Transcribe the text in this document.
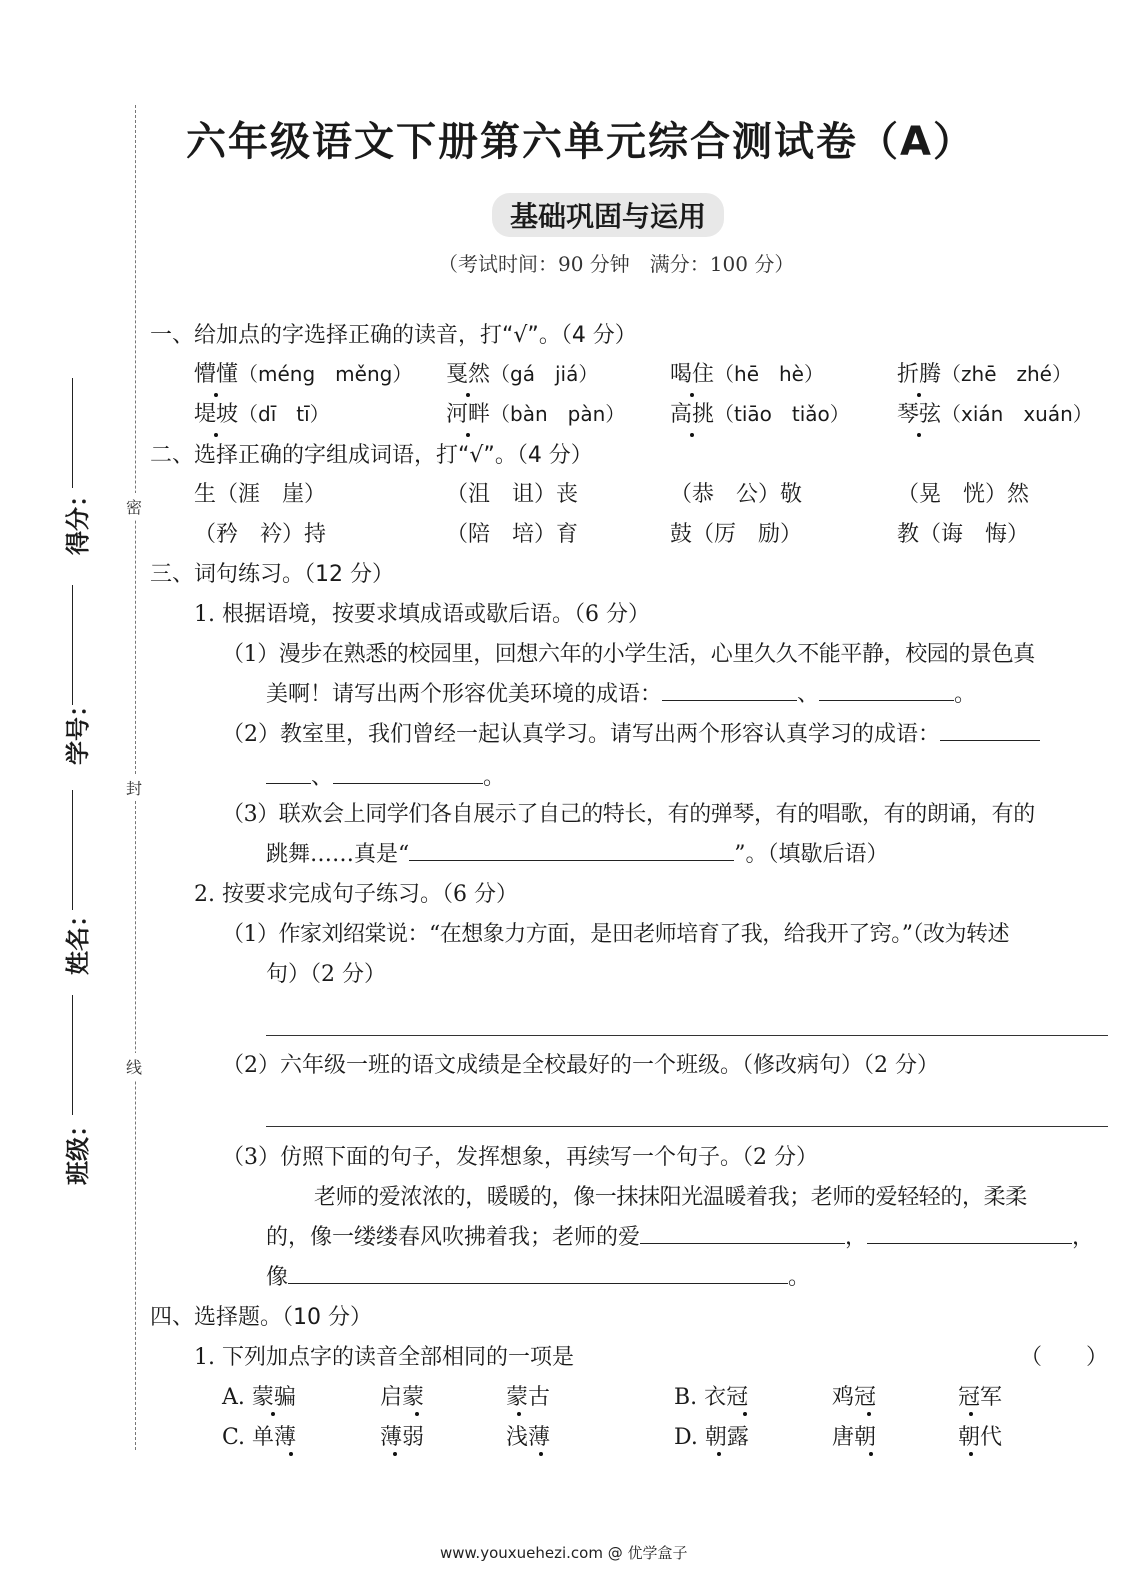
六年级语文下册第六单元综合测试卷（A）
基础巩固与运用
（考试时间：90 分钟　满分：100 分）
密
封
线
班级：
姓名：
学号：
得分：
一、给加点的字选择正确的读音，打“√”。（4 分）
懵懂（méng　měng） 戛然（gá　jiá）	喝住（hē　hè）	折腾（zhē　zhé）
堤坡（dī　tī）	河畔（bàn　pàn） 高挑（tiāo　tiǎo） 琴弦（xián　xuán）
二、选择正确的字组成词语，打“√”。（4 分）
生（涯　崖）	（沮　诅）丧	（恭　公）敬	（晃　恍）然
（矜　衿）持	（陪　培）育	鼓（厉　励）	教（诲　悔）
三、词句练习。（12 分）
1. 根据语境，按要求填成语或歇后语。（6 分）
（1）漫步在熟悉的校园里，回想六年的小学生活，心里久久不能平静，校园的景色真
美啊！请写出两个形容优美环境的成语：	、	。
（2）教室里，我们曾经一起认真学习。请写出两个形容认真学习的成语：
、	。
（3）联欢会上同学们各自展示了自己的特长，有的弹琴，有的唱歌，有的朗诵，有的
跳舞……真是“	”。（填歇后语）
2. 按要求完成句子练习。（6 分）
（1）作家刘绍棠说：“在想象力方面，是田老师培育了我，给我开了窍。”（改为转述
句）（2 分）
（2）六年级一班的语文成绩是全校最好的一个班级。（修改病句）（2 分）
（3）仿照下面的句子，发挥想象，再续写一个句子。（2 分）
老师的爱浓浓的，暖暖的，像一抹抹阳光温暖着我；老师的爱轻轻的，柔柔
的，像一缕缕春风吹拂着我；老师的爱	，	，
像	。
四、选择题。（10 分）
1. 下列加点字的读音全部相同的一项是	（　　）
A. 蒙骗	启蒙	蒙古	B. 衣冠	鸡冠	冠军
C. 单薄	薄弱	浅薄	D. 朝露	唐朝	朝代
www.youxuehezi.com @ 优学盒子
